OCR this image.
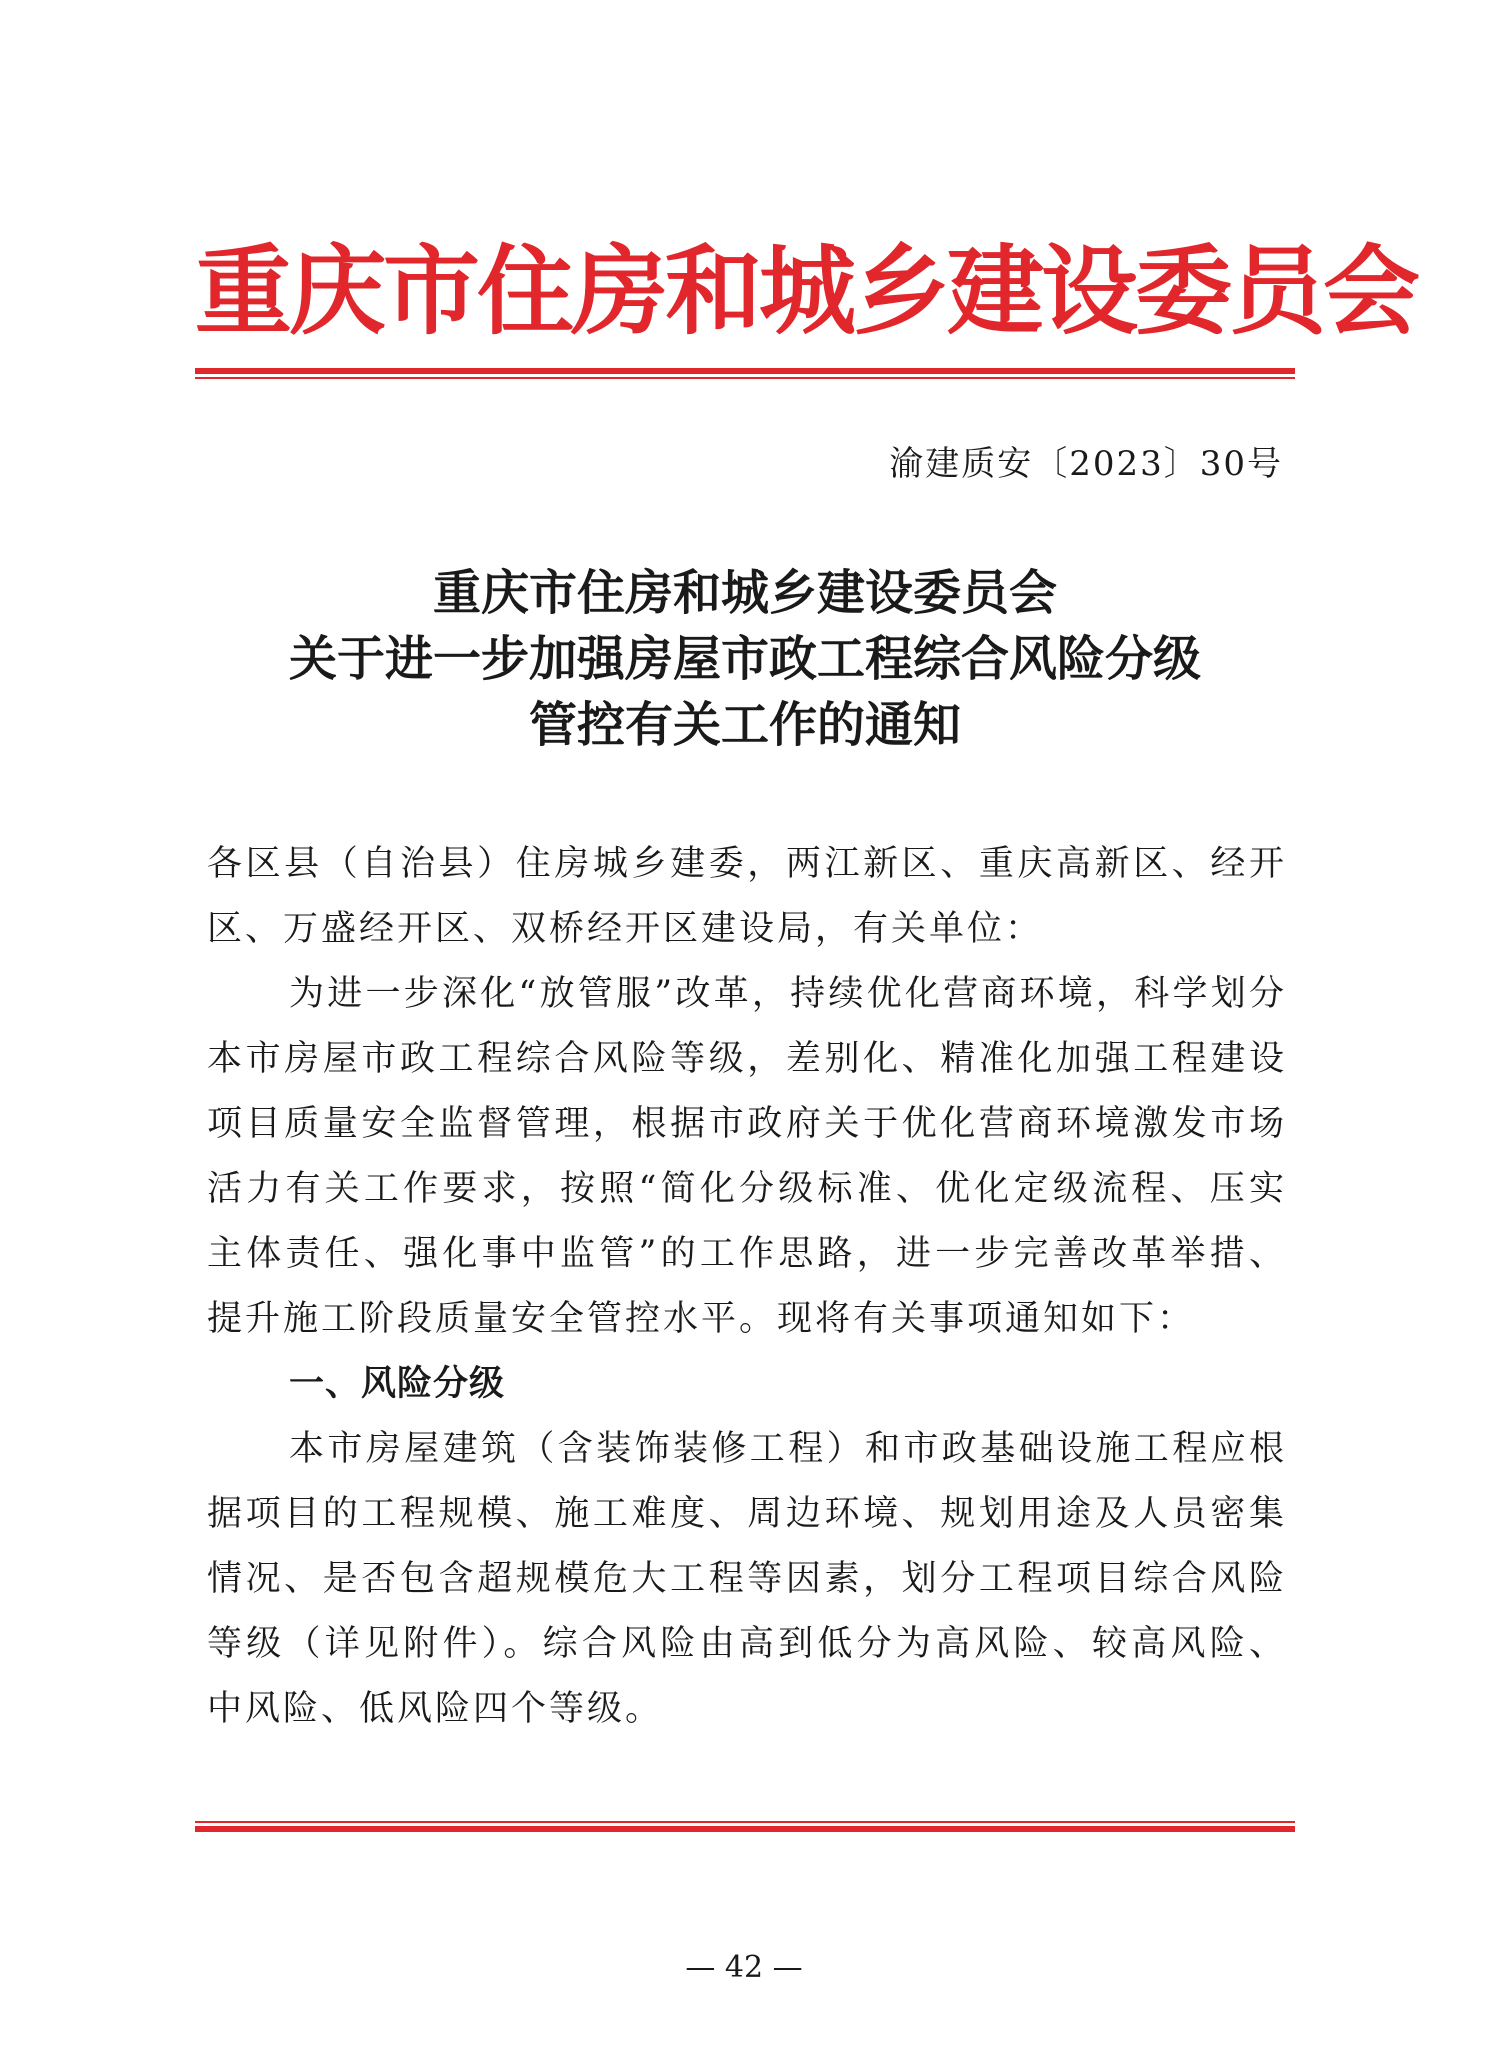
重庆市住房和城乡建设委员会
渝建质安〔2023〕30号
重庆市住房和城乡建设委员会
关于进一步加强房屋市政工程综合风险分级
管控有关工作的通知

各区县（自治县）住房城乡建委，两江新区、重庆高新区、经开区、万盛经开区、双桥经开区建设局，有关单位：

为进一步深化“放管服”改革，持续优化营商环境，科学划分本市房屋市政工程综合风险等级，差别化、精准化加强工程建设项目质量安全监督管理，根据市政府关于优化营商环境激发市场活力有关工作要求，按照“简化分级标准、优化定级流程、压实主体责任、强化事中监管”的工作思路，进一步完善改革举措、提升施工阶段质量安全管控水平。现将有关事项通知如下：

一、风险分级

本市房屋建筑（含装饰装修工程）和市政基础设施工程应根据项目的工程规模、施工难度、周边环境、规划用途及人员密集情况、是否包含超规模危大工程等因素，划分工程项目综合风险等级（详见附件）。综合风险由高到低分为高风险、较高风险、中风险、低风险四个等级。

— 42 —
